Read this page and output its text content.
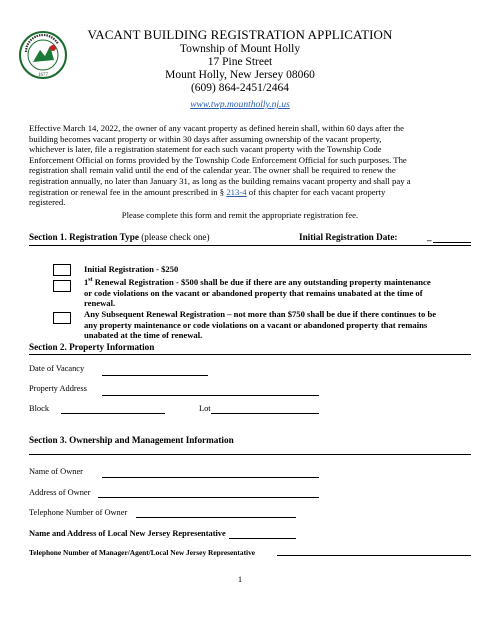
1677
VACANT BUILDING REGISTRATION APPLICATION
Township of Mount Holly
17 Pine Street
Mount Holly, New Jersey 08060
(609) 864-2451/2464
www.twp.mountholly.nj.us
Effective March 14, 2022, the owner of any vacant property as defined herein shall, within 60 days after the
building becomes vacant property or within 30 days after assuming ownership of the vacant property,
whichever is later, file a registration statement for each such vacant property with the Township Code
Enforcement Official on forms provided by the Township Code Enforcement Official for such purposes. The
registration shall remain valid until the end of the calendar year. The owner shall be required to renew the
registration annually, no later than January 31, as long as the building remains vacant property and shall pay a
registration or renewal fee in the amount prescribed in § 213-4 of this chapter for each vacant property
registered.
Please complete this form and remit the appropriate registration fee.
Section 1. Registration Type (please check one)	Initial Registration Date:	_
Initial Registration - $250
1st Renewal Registration - $500 shall be due if there are any outstanding property maintenance
or code violations on the vacant or abandoned property that remains unabated at the time of
renewal.
Any Subsequent Renewal Registration – not more than $750 shall be due if there continues to be
any property maintenance or code violations on a vacant or abandoned property that remains
unabated at the time of renewal.
Section 2. Property Information
Date of Vacancy
Property Address
Block	Lot
Section 3. Ownership and Management Information
Name of Owner
Address of Owner
Telephone Number of Owner
Name and Address of Local New Jersey Representative
Telephone Number of Manager/Agent/Local New Jersey Representative
1
